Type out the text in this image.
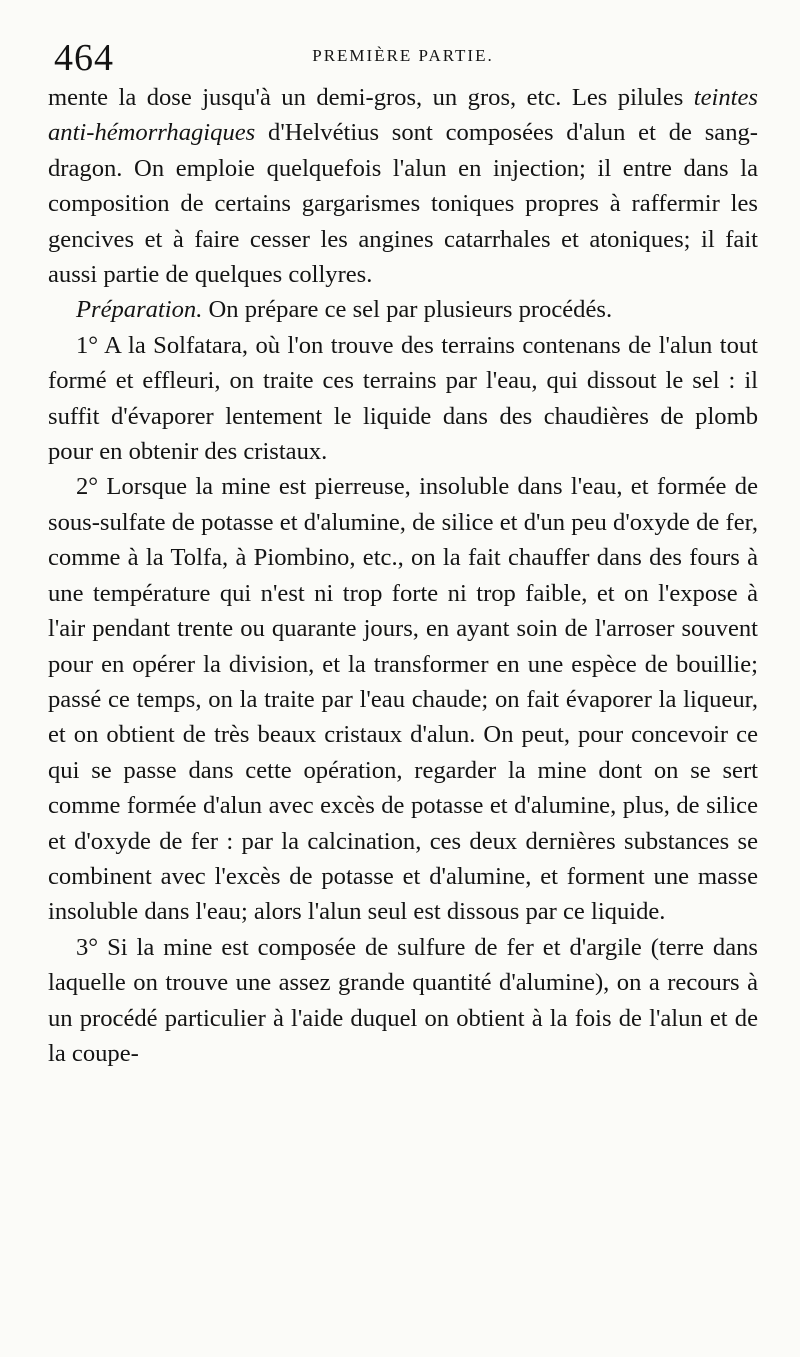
464	PREMIÈRE PARTIE.

mente la dose jusqu'à un demi-gros, un gros, etc. Les pilules teintes anti-hémorrhagiques d'Helvétius sont composées d'alun et de sang-dragon. On emploie quelquefois l'alun en injection; il entre dans la composition de certains gargarismes toniques propres à raffermir les gencives et à faire cesser les angines catarrhales et atoniques; il fait aussi partie de quelques collyres.

Préparation. On prépare ce sel par plusieurs procédés.

1° A la Solfatara, où l'on trouve des terrains contenans de l'alun tout formé et effleuri, on traite ces terrains par l'eau, qui dissout le sel : il suffit d'évaporer lentement le liquide dans des chaudières de plomb pour en obtenir des cristaux.

2° Lorsque la mine est pierreuse, insoluble dans l'eau, et formée de sous-sulfate de potasse et d'alumine, de silice et d'un peu d'oxyde de fer, comme à la Tolfa, à Piombino, etc., on la fait chauffer dans des fours à une température qui n'est ni trop forte ni trop faible, et on l'expose à l'air pendant trente ou quarante jours, en ayant soin de l'arroser souvent pour en opérer la division, et la transformer en une espèce de bouillie; passé ce temps, on la traite par l'eau chaude; on fait évaporer la liqueur, et on obtient de très beaux cristaux d'alun. On peut, pour concevoir ce qui se passe dans cette opération, regarder la mine dont on se sert comme formée d'alun avec excès de potasse et d'alumine, plus, de silice et d'oxyde de fer : par la calcination, ces deux dernières substances se combinent avec l'excès de potasse et d'alumine, et forment une masse insoluble dans l'eau; alors l'alun seul est dissous par ce liquide.

3° Si la mine est composée de sulfure de fer et d'argile (terre dans laquelle on trouve une assez grande quantité d'alumine), on a recours à un procédé particulier à l'aide duquel on obtient à la fois de l'alun et de la coupe-
